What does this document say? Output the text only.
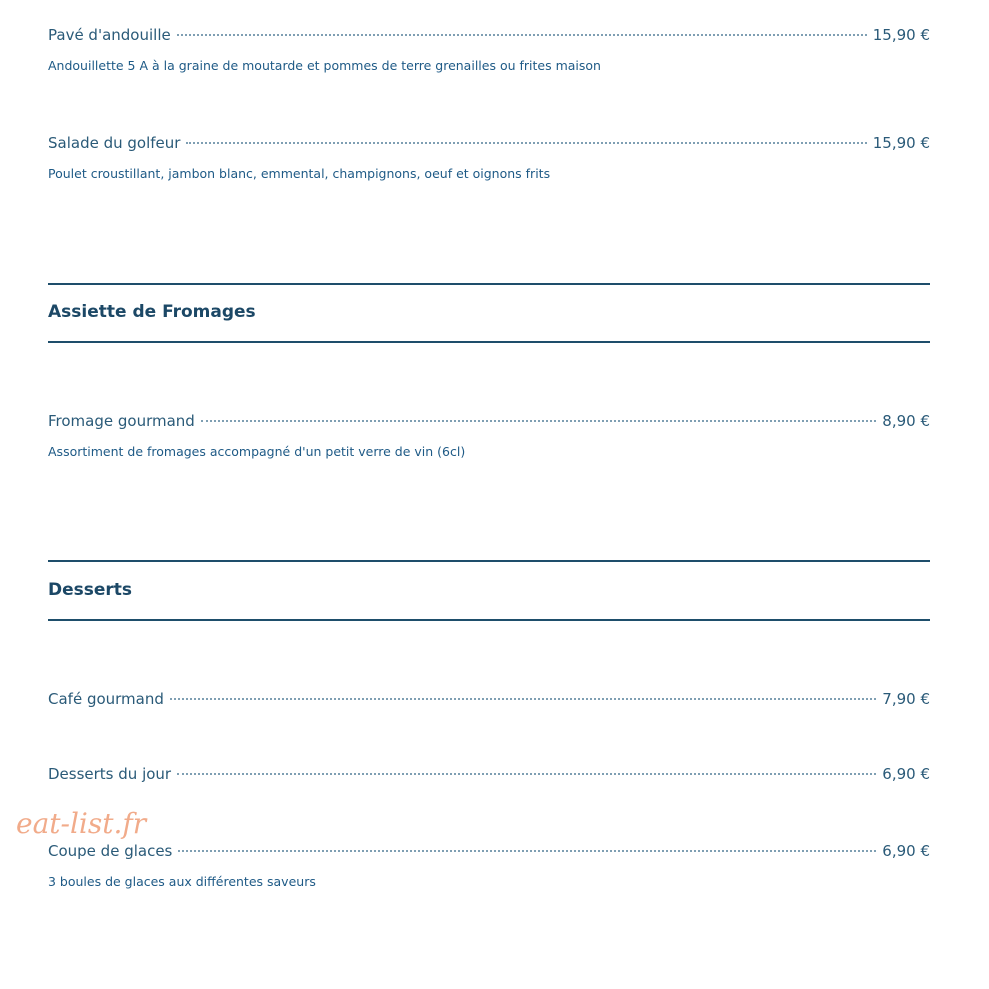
Pavé d'andouille	15,90 €
Andouillette 5 A à la graine de moutarde et pommes de terre grenailles ou frites maison
Salade du golfeur	15,90 €
Poulet croustillant, jambon blanc, emmental, champignons, oeuf et oignons frits
Assiette de Fromages
Fromage gourmand	8,90 €
Assortiment de fromages accompagné d'un petit verre de vin (6cl)
Desserts
Café gourmand	7,90 €
Desserts du jour	6,90 €
Coupe de glaces	6,90 €
3 boules de glaces aux différentes saveurs
eat-list.fr
